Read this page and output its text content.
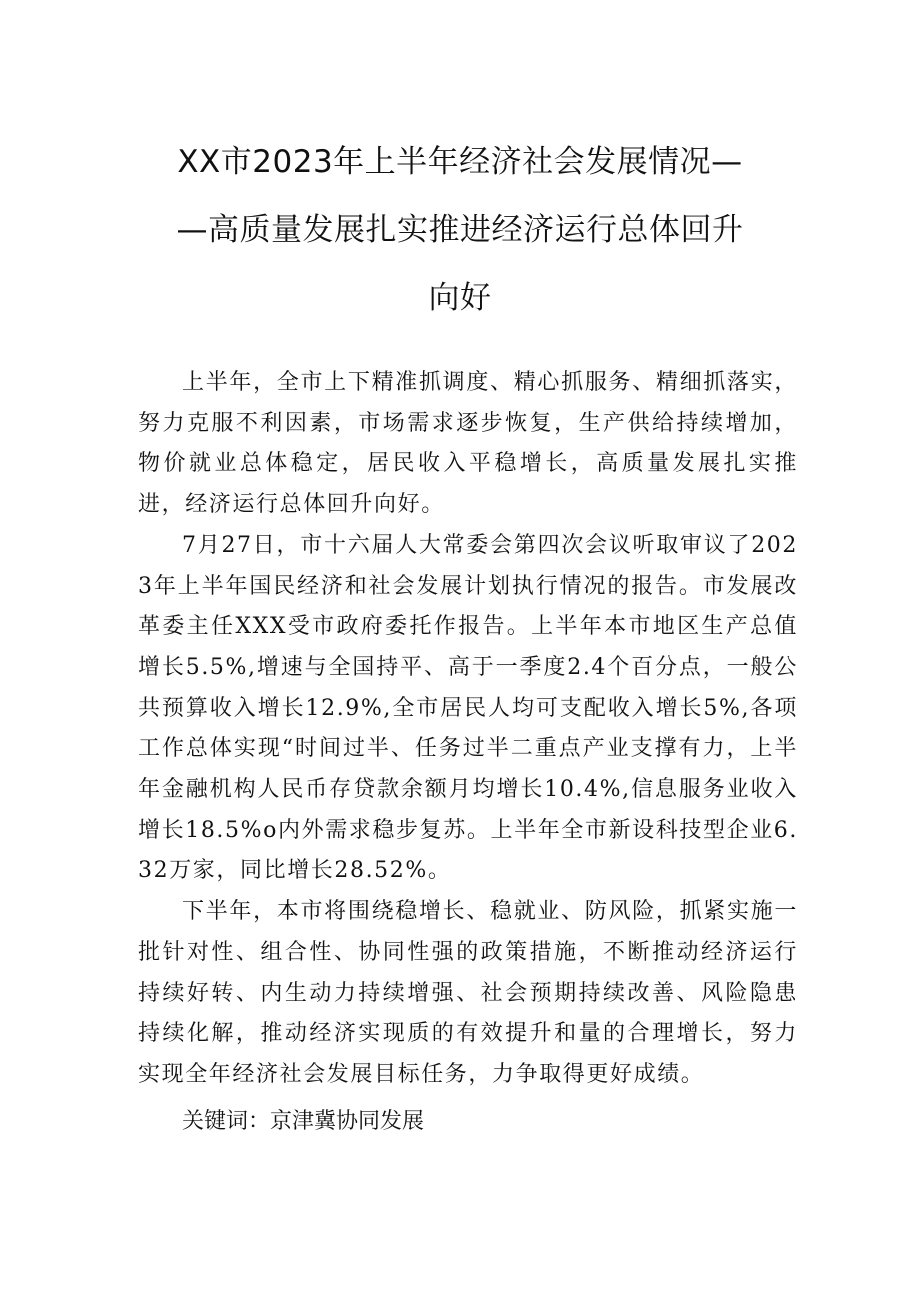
XX市2023年上半年经济社会发展情况—
—高质量发展扎实推进经济运行总体回升
向好

上半年，全市上下精准抓调度、精心抓服务、精细抓落实，努力克服不利因素，市场需求逐步恢复，生产供给持续增加，物价就业总体稳定，居民收入平稳增长，高质量发展扎实推进，经济运行总体回升向好。

7月27日，市十六届人大常委会第四次会议听取审议了2023年上半年国民经济和社会发展计划执行情况的报告。市发展改革委主任XXX受市政府委托作报告。上半年本市地区生产总值增长5.5%,增速与全国持平、高于一季度2.4个百分点，一般公共预算收入增长12.9%,全市居民人均可支配收入增长5%,各项工作总体实现“时间过半、任务过半二重点产业支撑有力，上半年金融机构人民币存贷款余额月均增长10.4%,信息服务业收入增长18.5%o内外需求稳步复苏。上半年全市新设科技型企业6.32万家，同比增长28.52%。

下半年，本市将围绕稳增长、稳就业、防风险，抓紧实施一批针对性、组合性、协同性强的政策措施，不断推动经济运行持续好转、内生动力持续增强、社会预期持续改善、风险隐患持续化解，推动经济实现质的有效提升和量的合理增长，努力实现全年经济社会发展目标任务，力争取得更好成绩。

关键词：京津冀协同发展
